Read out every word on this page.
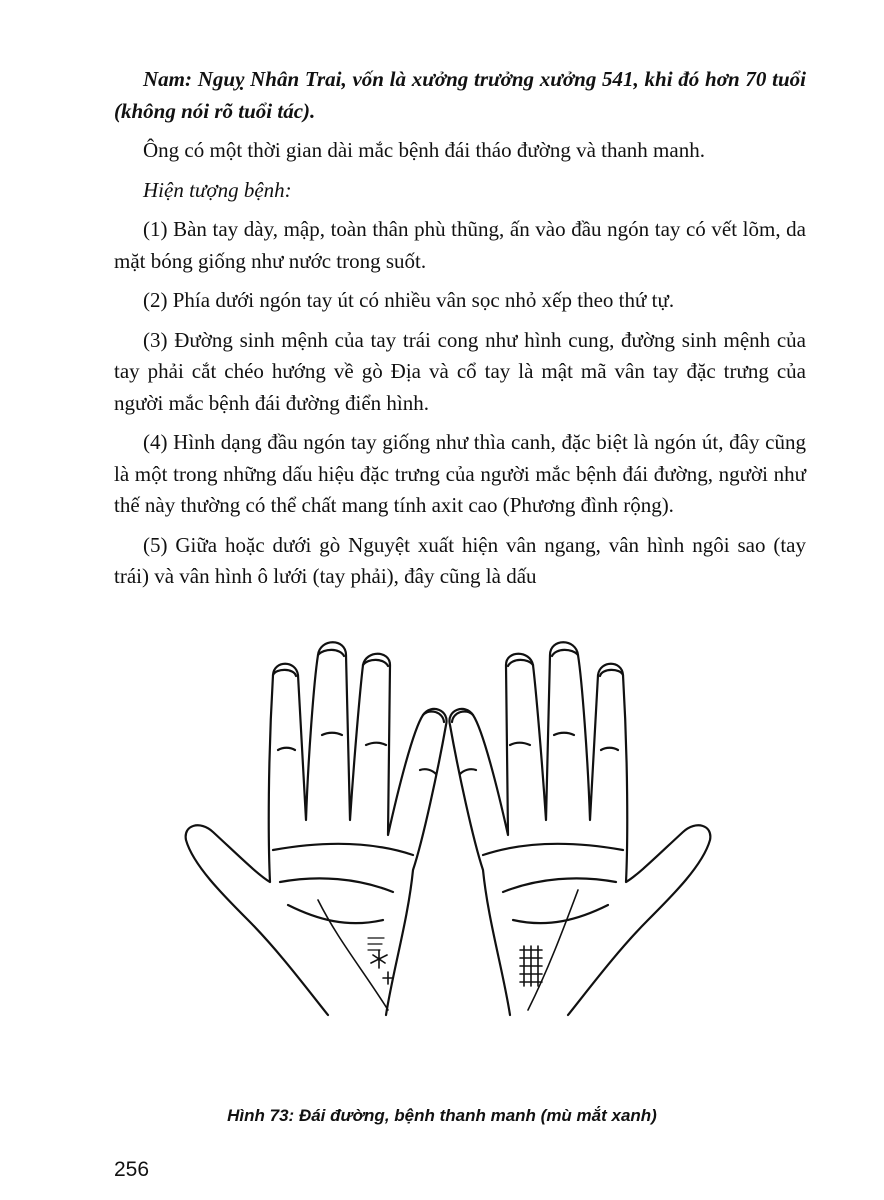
Nam: Nguỵ Nhân Trai, vốn là xưởng trưởng xưởng 541, khi đó hơn 70 tuổi (không nói rõ tuổi tác).

Ông có một thời gian dài mắc bệnh đái tháo đường và thanh manh.

Hiện tượng bệnh:

(1) Bàn tay dày, mập, toàn thân phù thũng, ấn vào đầu ngón tay có vết lõm, da mặt bóng giống như nước trong suốt.

(2) Phía dưới ngón tay út có nhiều vân sọc nhỏ xếp theo thứ tự.

(3) Đường sinh mệnh của tay trái cong như hình cung, đường sinh mệnh của tay phải cắt chéo hướng về gò Địa và cổ tay là mật mã vân tay đặc trưng của người mắc bệnh đái đường điển hình.

(4) Hình dạng đầu ngón tay giống như thìa canh, đặc biệt là ngón út, đây cũng là một trong những dấu hiệu đặc trưng của người mắc bệnh đái đường, người như thế này thường có thể chất mang tính axit cao (Phương đình rộng).

(5) Giữa hoặc dưới gò Nguyệt xuất hiện vân ngang, vân hình ngôi sao (tay trái) và vân hình ô lưới (tay phải), đây cũng là dấu

Hình 73: Đái đường, bệnh thanh manh (mù mắt xanh)
256
